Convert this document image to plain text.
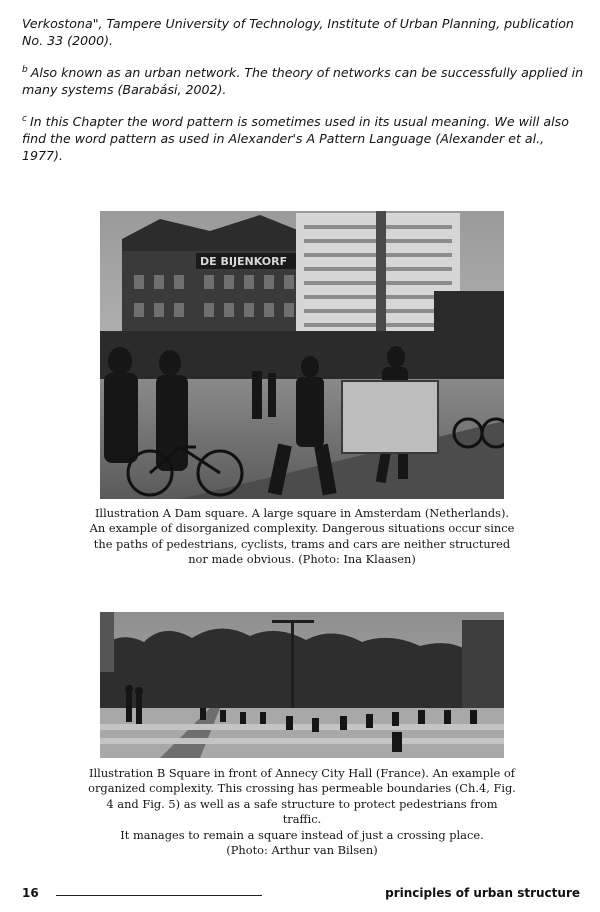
Verkostona", Tampere University of Technology, Institute of Urban Planning, publication No. 33 (2000).
$^b$ Also known as an urban network. The theory of networks can be successfully applied in many systems (Barabási, 2002).
$^c$ In this Chapter the word pattern is sometimes used in its usual meaning. We will also find the word pattern as used in Alexander's A Pattern Language (Alexander et al., 1977).
DE BIJENKORF
Illustration A Dam square. A large square in Amsterdam (Netherlands).
An example of disorganized complexity. Dangerous situations occur since
the paths of pedestrians, cyclists, trams and cars are neither structured
nor made obvious. (Photo: Ina Klaasen)
Illustration B Square in front of Annecy City Hall (France). An example of
organized complexity. This crossing has permeable boundaries (Ch.4, Fig.
4 and Fig. 5) as well as a safe structure to protect pedestrians from traffic.
It manages to remain a square instead of just a crossing place.
(Photo: Arthur van Bilsen)
16	principles of urban structure
